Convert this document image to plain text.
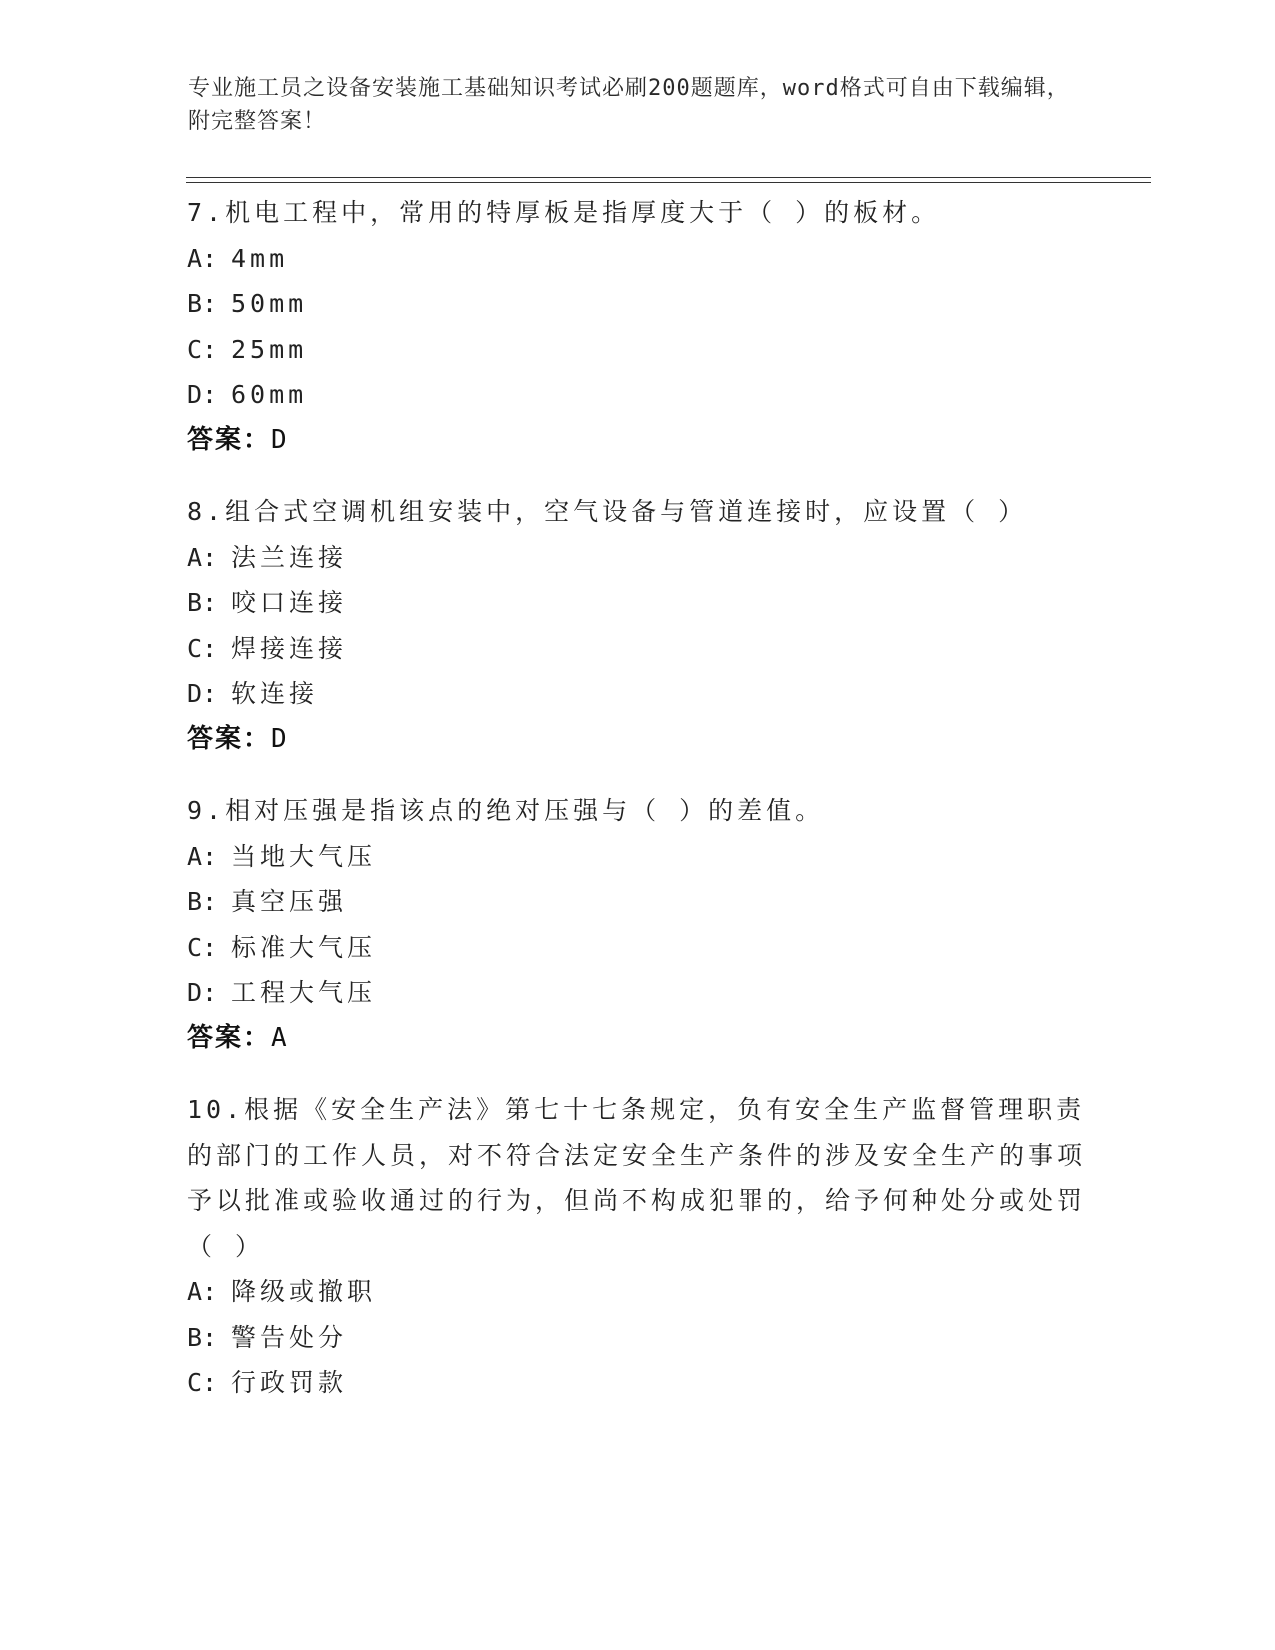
专业施工员之设备安装施工基础知识考试必刷200题题库，word格式可自由下载编辑，附完整答案！
7.机电工程中，常用的特厚板是指厚度大于（ ）的板材。
A: 4mm
B: 50mm
C: 25mm
D: 60mm
答案：D
8.组合式空调机组安装中，空气设备与管道连接时，应设置（ ）
A: 法兰连接
B: 咬口连接
C: 焊接连接
D: 软连接
答案：D
9.相对压强是指该点的绝对压强与（ ）的差值。
A: 当地大气压
B: 真空压强
C: 标准大气压
D: 工程大气压
答案：A
10.根据《安全生产法》第七十七条规定，负有安全生产监督管理职责的部门的工作人员，对不符合法定安全生产条件的涉及安全生产的事项予以批准或验收通过的行为，但尚不构成犯罪的，给予何种处分或处罚（ ）
A: 降级或撤职
B: 警告处分
C: 行政罚款
